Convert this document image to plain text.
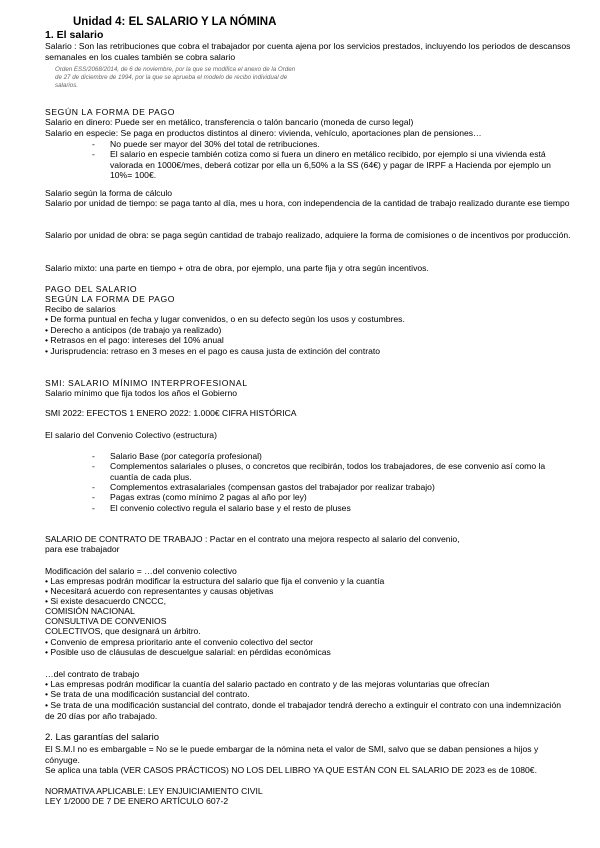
Unidad 4: EL SALARIO Y LA NÓMINA
1. El salario
Salario : Son las retribuciones que cobra el trabajador por cuenta ajena por los servicios prestados, incluyendo los periodos de descansos semanales en los cuales también se cobra salario
Orden ESS/2068/2014, de 6 de noviembre, por la que se modifica el anexo de la Orden de 27 de diciembre de 1994, por la que se aprueba el modelo de recibo individual de salarios.
SEGÚN LA FORMA DE PAGO
Salario en dinero: Puede ser en metálico, transferencia o talón bancario (moneda de curso legal)
Salario en especie: Se paga en productos distintos al dinero: vivienda, vehículo, aportaciones plan de pensiones…
- No puede ser mayor del 30% del total de retribuciones.
- El salario en especie también cotiza como si fuera un dinero en metálico recibido, por ejemplo si una vivienda está valorada en 1000€/mes, deberá cotizar por ella un 6,50% a la SS (64€) y pagar de IRPF a Hacienda por ejemplo un 10%= 100€.
Salario según la forma de cálculo
Salario por unidad de tiempo: se paga tanto al día, mes u hora, con independencia de la cantidad de trabajo realizado durante ese tiempo
Salario por unidad de obra: se paga según cantidad de trabajo realizado, adquiere la forma de comisiones o de incentivos por producción.
Salario mixto: una parte en tiempo + otra de obra, por ejemplo, una parte fija y otra según incentivos.
PAGO DEL SALARIO
SEGÚN LA FORMA DE PAGO
Recibo de salarios
• De forma puntual en fecha y lugar convenidos, o en su defecto según los usos y costumbres.
• Derecho a anticipos (de trabajo ya realizado)
• Retrasos en el pago: intereses del 10% anual
• Jurisprudencia: retraso en 3 meses en el pago es causa justa de extinción del contrato
SMI: SALARIO MÍNIMO INTERPROFESIONAL
Salario mínimo que fija todos los años el Gobierno
SMI 2022: EFECTOS 1 ENERO 2022: 1.000€ CIFRA HISTÓRICA
El salario del Convenio Colectivo (estructura)
- Salario Base (por categoría profesional)
- Complementos salariales o pluses, o concretos que recibirán, todos los trabajadores, de ese convenio así como la cuantía de cada plus.
- Complementos extrasalariales (compensan gastos del trabajador por realizar trabajo)
- Pagas extras (como mínimo 2 pagas al año por ley)
- El convenio colectivo regula el salario base y el resto de pluses
SALARIO DE CONTRATO DE TRABAJO : Pactar en el contrato una mejora respecto al salario del convenio,
para ese trabajador
Modificación del salario = …del convenio colectivo
• Las empresas podrán modificar la estructura del salario que fija el convenio y la cuantía
• Necesitará acuerdo con representantes y causas objetivas
• Si existe desacuerdo CNCCC,
COMISIÓN NACIONAL
CONSULTIVA DE CONVENIOS
COLECTIVOS, que designará un árbitro.
• Convenio de empresa prioritario ante el convenio colectivo del sector
• Posible uso de cláusulas de descuelgue salarial: en pérdidas económicas
…del contrato de trabajo
• Las empresas podrán modificar la cuantía del salario pactado en contrato y de las mejoras voluntarias que ofrecían
• Se trata de una modificación sustancial del contrato.
• Se trata de una modificación sustancial del contrato, donde el trabajador tendrá derecho a extinguir el contrato con una indemnización de 20 días por año trabajado.
2. Las garantías del salario
El S.M.I no es embargable = No se le puede embargar de la nómina neta el valor de SMI, salvo que se daban pensiones a hijos y cónyuge.
Se aplica una tabla (VER CASOS PRÁCTICOS) NO LOS DEL LIBRO YA QUE ESTÁN CON EL SALARIO DE 2023 es de 1080€.
NORMATIVA APLICABLE: LEY ENJUICIAMIENTO CIVIL
LEY 1/2000 DE 7 DE ENERO ARTÍCULO 607-2
